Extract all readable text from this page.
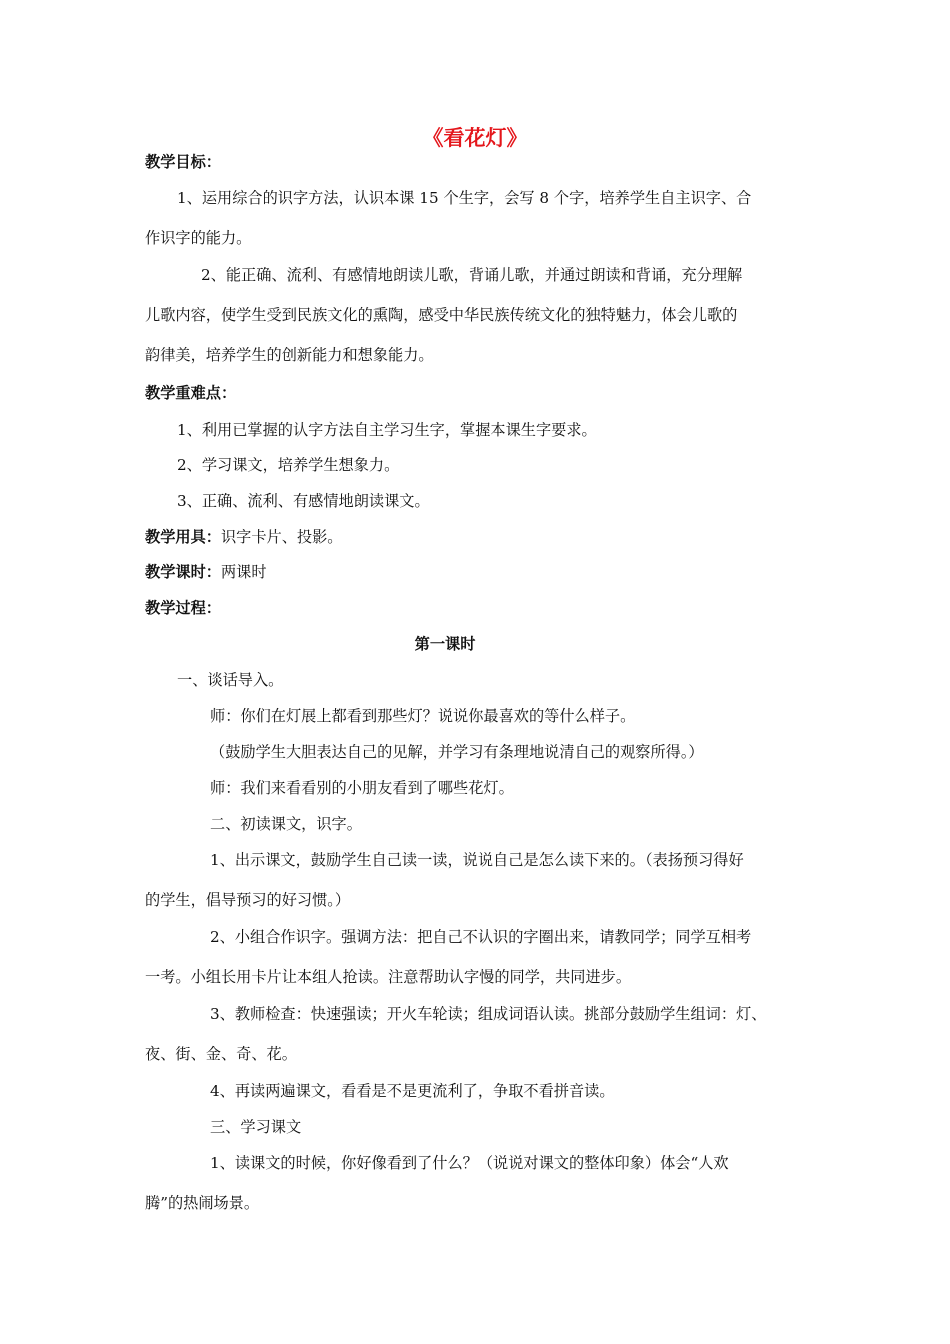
《看花灯》
教学目标：
1、运用综合的识字方法，认识本课 15 个生字，会写 8 个字，培养学生自主识字、合
作识字的能力。
2、能正确、流利、有感情地朗读儿歌，背诵儿歌，并通过朗读和背诵，充分理解
儿歌内容，使学生受到民族文化的熏陶，感受中华民族传统文化的独特魅力，体会儿歌的
韵律美，培养学生的创新能力和想象能力。
教学重难点：
1、利用已掌握的认字方法自主学习生字，掌握本课生字要求。
2、学习课文，培养学生想象力。
3、正确、流利、有感情地朗读课文。
教学用具：识字卡片、投影。
教学课时：两课时
教学过程：
第一课时
一、谈话导入。
师：你们在灯展上都看到那些灯？说说你最喜欢的等什么样子。
（鼓励学生大胆表达自己的见解，并学习有条理地说清自己的观察所得。）
师：我们来看看别的小朋友看到了哪些花灯。
二、初读课文，识字。
1、出示课文，鼓励学生自己读一读，说说自己是怎么读下来的。（表扬预习得好
的学生，倡导预习的好习惯。）
2、小组合作识字。强调方法：把自己不认识的字圈出来，请教同学；同学互相考
一考。小组长用卡片让本组人抢读。注意帮助认字慢的同学，共同进步。
3、教师检查：快速强读；开火车轮读；组成词语认读。挑部分鼓励学生组词：灯、
夜、街、金、奇、花。
4、再读两遍课文，看看是不是更流利了，争取不看拼音读。
三、学习课文
1、读课文的时候，你好像看到了什么？（说说对课文的整体印象）体会“人欢
腾”的热闹场景。
